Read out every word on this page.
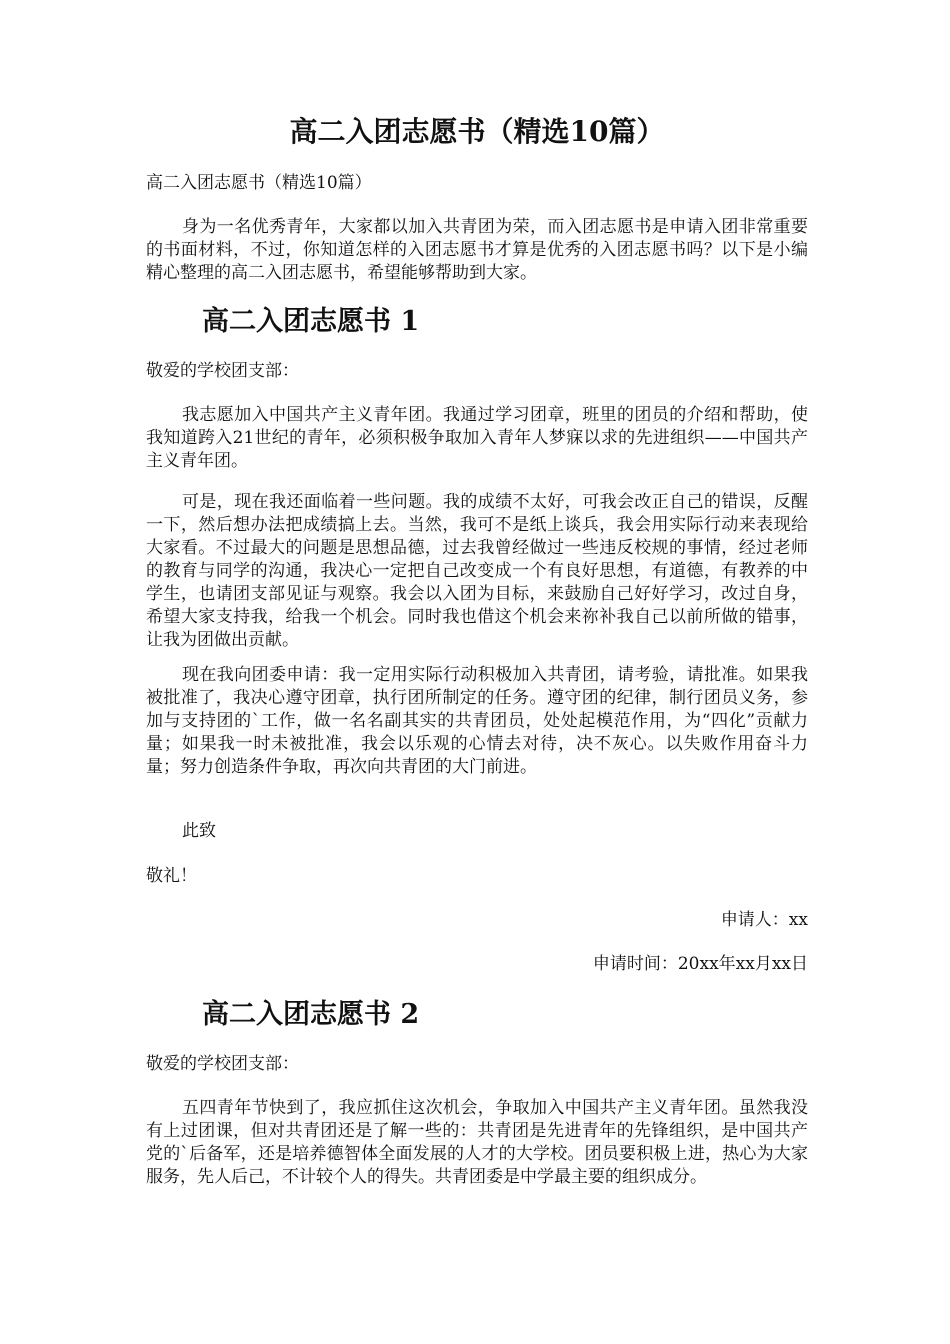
高二入团志愿书（精选10篇）

高二入团志愿书（精选10篇）

身为一名优秀青年，大家都以加入共青团为荣，而入团志愿书是申请入团非常重要的书面材料，不过，你知道怎样的入团志愿书才算是优秀的入团志愿书吗？以下是小编精心整理的高二入团志愿书，希望能够帮助到大家。

高二入团志愿书 1

敬爱的学校团支部：

我志愿加入中国共产主义青年团。我通过学习团章，班里的团员的介绍和帮助，使我知道跨入21世纪的青年，必须积极争取加入青年人梦寐以求的先进组织——中国共产主义青年团。

可是，现在我还面临着一些问题。我的成绩不太好，可我会改正自己的错误，反醒一下，然后想办法把成绩搞上去。当然，我可不是纸上谈兵，我会用实际行动来表现给大家看。不过最大的问题是思想品德，过去我曾经做过一些违反校规的事情，经过老师的教育与同学的沟通，我决心一定把自己改变成一个有良好思想，有道德，有教养的中学生，也请团支部见证与观察。我会以入团为目标，来鼓励自己好好学习，改过自身，希望大家支持我，给我一个机会。同时我也借这个机会来祢补我自己以前所做的错事，让我为团做出贡献。

现在我向团委申请：我一定用实际行动积极加入共青团，请考验，请批准。如果我被批准了，我决心遵守团章，执行团所制定的任务。遵守团的纪律，制行团员义务，参加与支持团的`工作，做一名名副其实的共青团员，处处起模范作用，为“四化”贡献力量；如果我一时未被批准，我会以乐观的心情去对待，决不灰心。以失败作用奋斗力量；努力创造条件争取，再次向共青团的大门前进。

此致

敬礼！

申请人：xx

申请时间：20xx年xx月xx日

高二入团志愿书 2

敬爱的学校团支部：

五四青年节快到了，我应抓住这次机会，争取加入中国共产主义青年团。虽然我没有上过团课，但对共青团还是了解一些的：共青团是先进青年的先锋组织，是中国共产党的`后备军，还是培养德智体全面发展的人才的大学校。团员要积极上进，热心为大家服务，先人后己，不计较个人的得失。共青团委是中学最主要的组织成分。
